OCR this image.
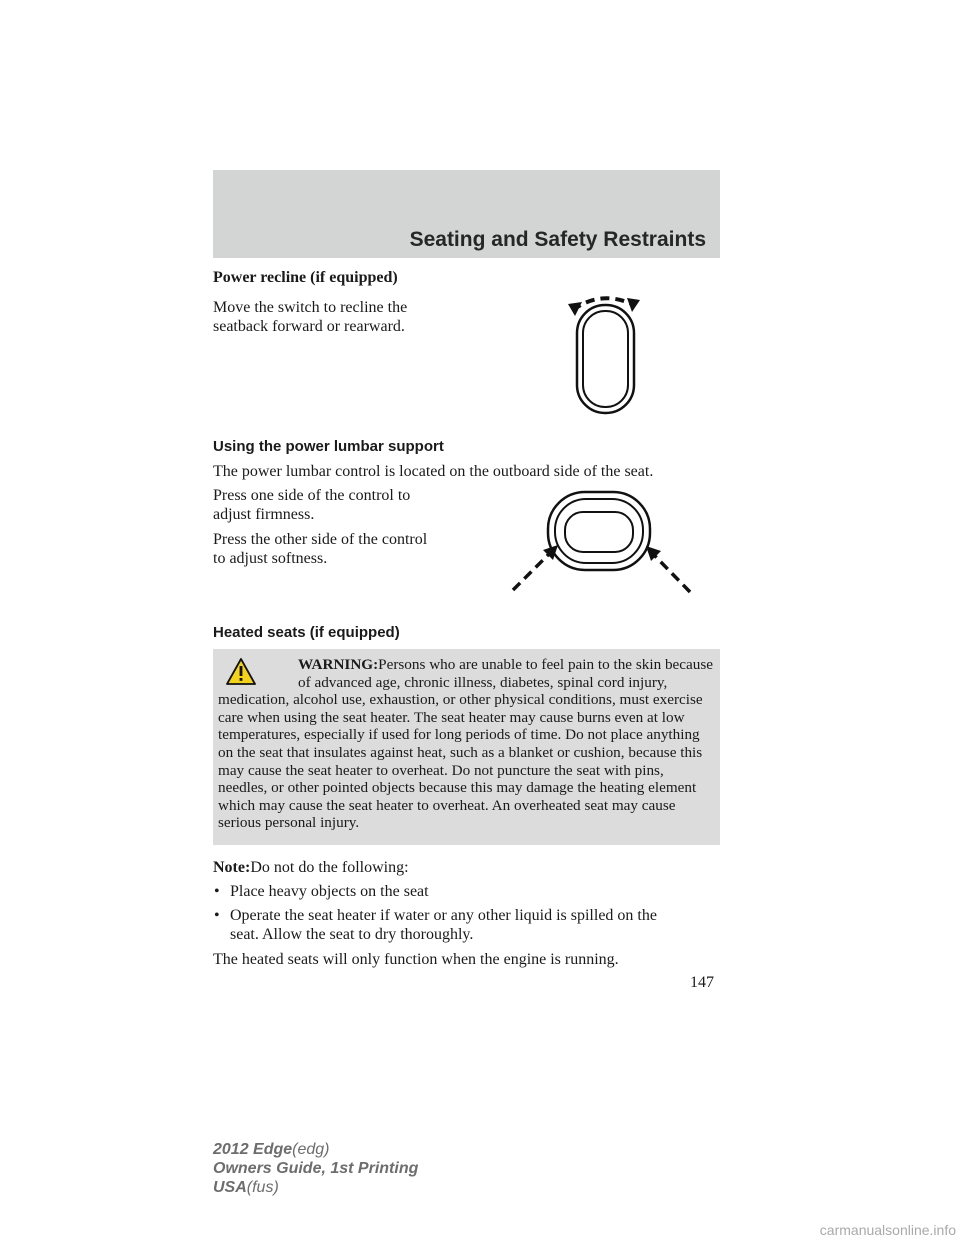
Seating and Safety Restraints
Power recline (if equipped)
Move the switch to recline the
seatback forward or rearward.
Using the power lumbar support
The power lumbar control is located on the outboard side of the seat.
Press one side of the control to
adjust firmness.
Press the other side of the control
to adjust softness.
Heated seats (if equipped)
WARNING:Persons who are unable to feel pain to the skin because of advanced age, chronic illness, diabetes, spinal cord injury, medication, alcohol use, exhaustion, or other physical conditions, must exercise care when using the seat heater. The seat heater may cause burns even at low temperatures, especially if used for long periods of time. Do not place anything on the seat that insulates against heat, such as a blanket or cushion, because this may cause the seat heater to overheat. Do not puncture the seat with pins, needles, or other pointed objects because this may damage the heating element which may cause the seat heater to overheat. An overheated seat may cause serious personal injury.
Note:Do not do the following:
• Place heavy objects on the seat
• Operate the seat heater if water or any other liquid is spilled on the
seat. Allow the seat to dry thoroughly.
The heated seats will only function when the engine is running.
147
2012 Edge(edg)
Owners Guide, 1st Printing
USA(fus)
carmanualsonline.info
